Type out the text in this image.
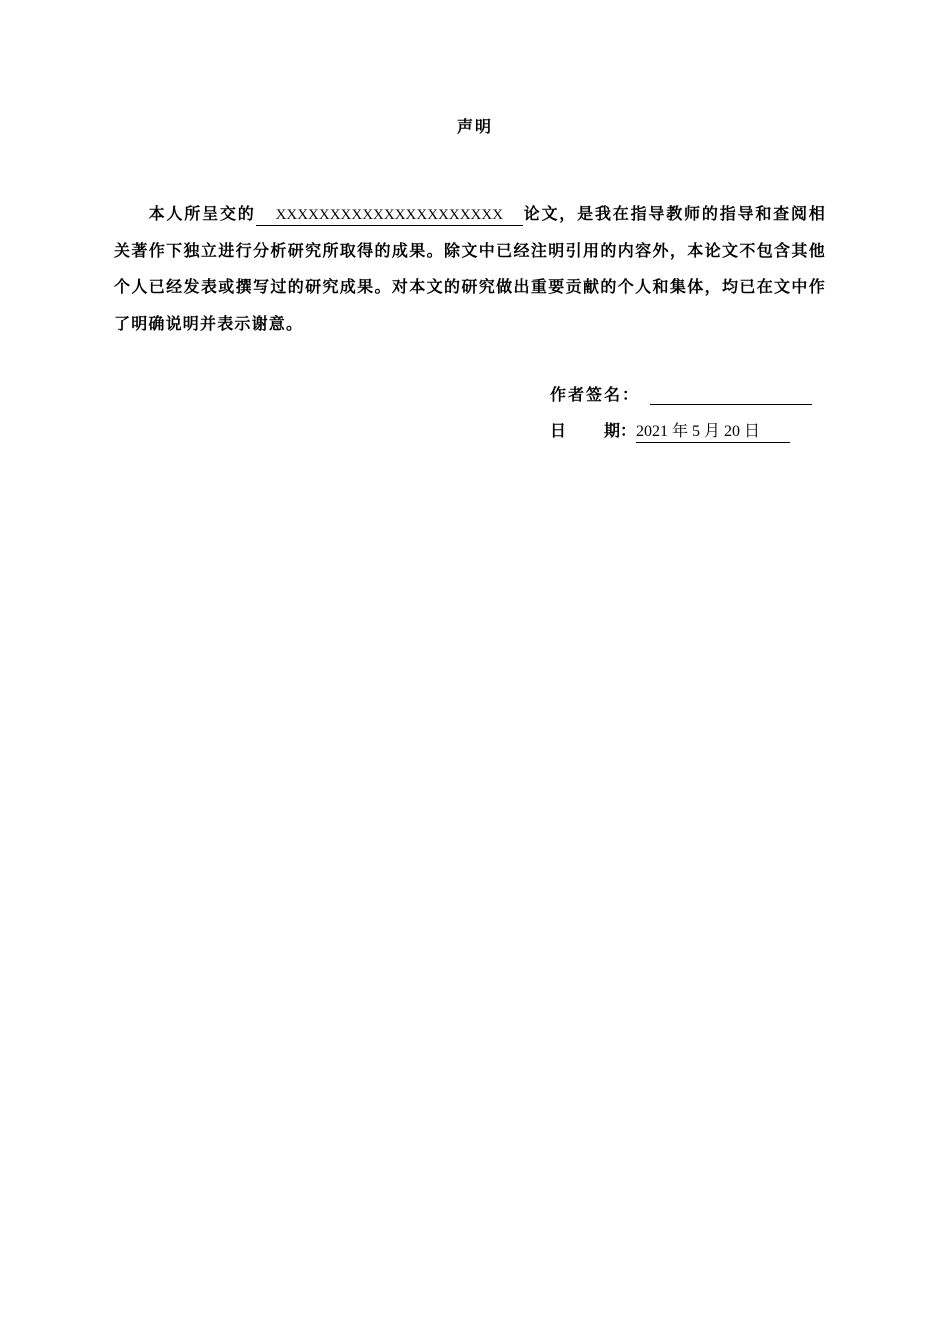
声明
本人所呈交的 XXXXXXXXXXXXXXXXXXXXX 论文，是我在指导教师的指导和查阅相关著作下独立进行分析研究所取得的成果。除文中已经注明引用的内容外，本论文不包含其他个人已经发表或撰写过的研究成果。对本文的研究做出重要贡献的个人和集体，均已在文中作了明确说明并表示谢意。
作者签名：
日 期：2021 年 5 月 20 日
